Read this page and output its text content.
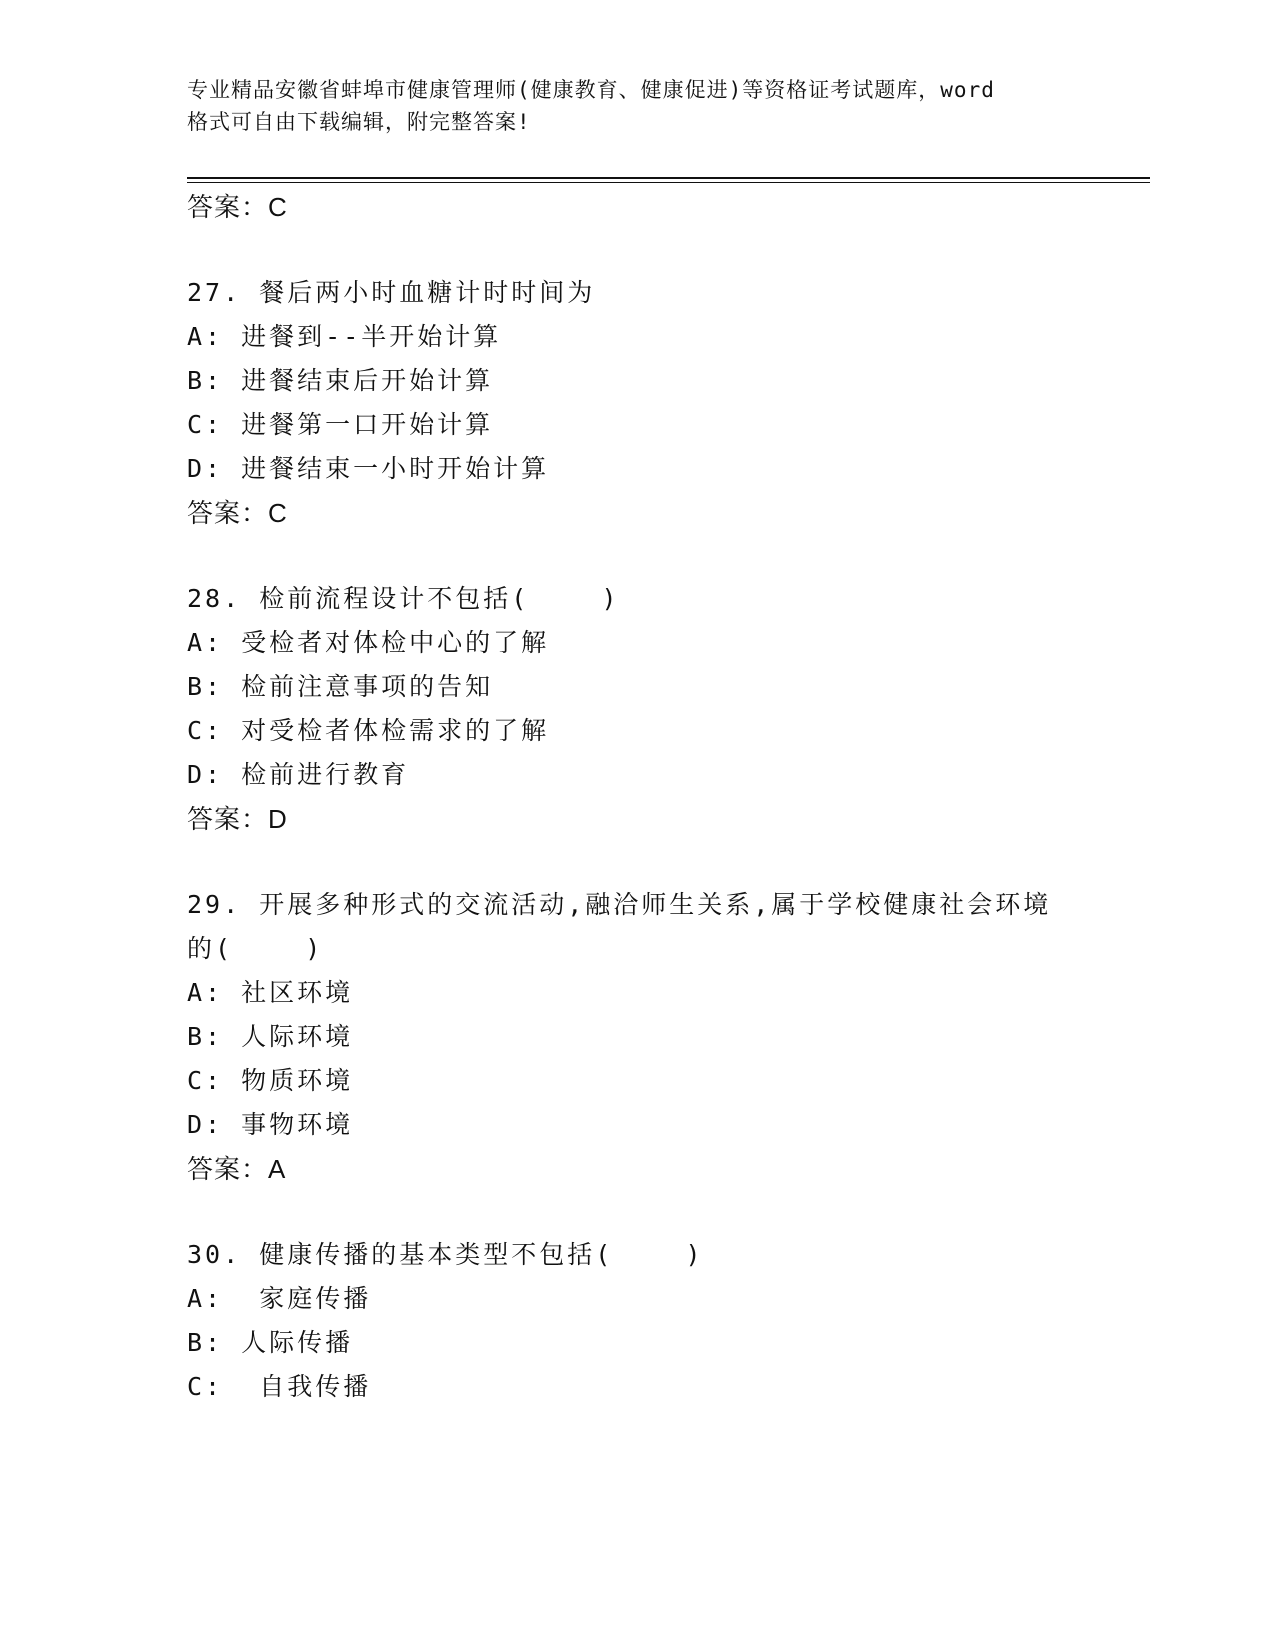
专业精品安徽省蚌埠市健康管理师(健康教育、健康促进)等资格证考试题库，word
格式可自由下载编辑，附完整答案!
答案：C
27. 餐后两小时血糖计时时间为
A: 进餐到--半开始计算
B: 进餐结束后开始计算
C: 进餐第一口开始计算
D: 进餐结束一小时开始计算
答案：C
28. 检前流程设计不包括(    )
A: 受检者对体检中心的了解
B: 检前注意事项的告知
C: 对受检者体检需求的了解
D: 检前进行教育
答案：D
29. 开展多种形式的交流活动,融洽师生关系,属于学校健康社会环境
的(    )
A: 社区环境
B: 人际环境
C: 物质环境
D: 事物环境
答案：A
30. 健康传播的基本类型不包括(    )
A:  家庭传播
B: 人际传播
C:  自我传播
